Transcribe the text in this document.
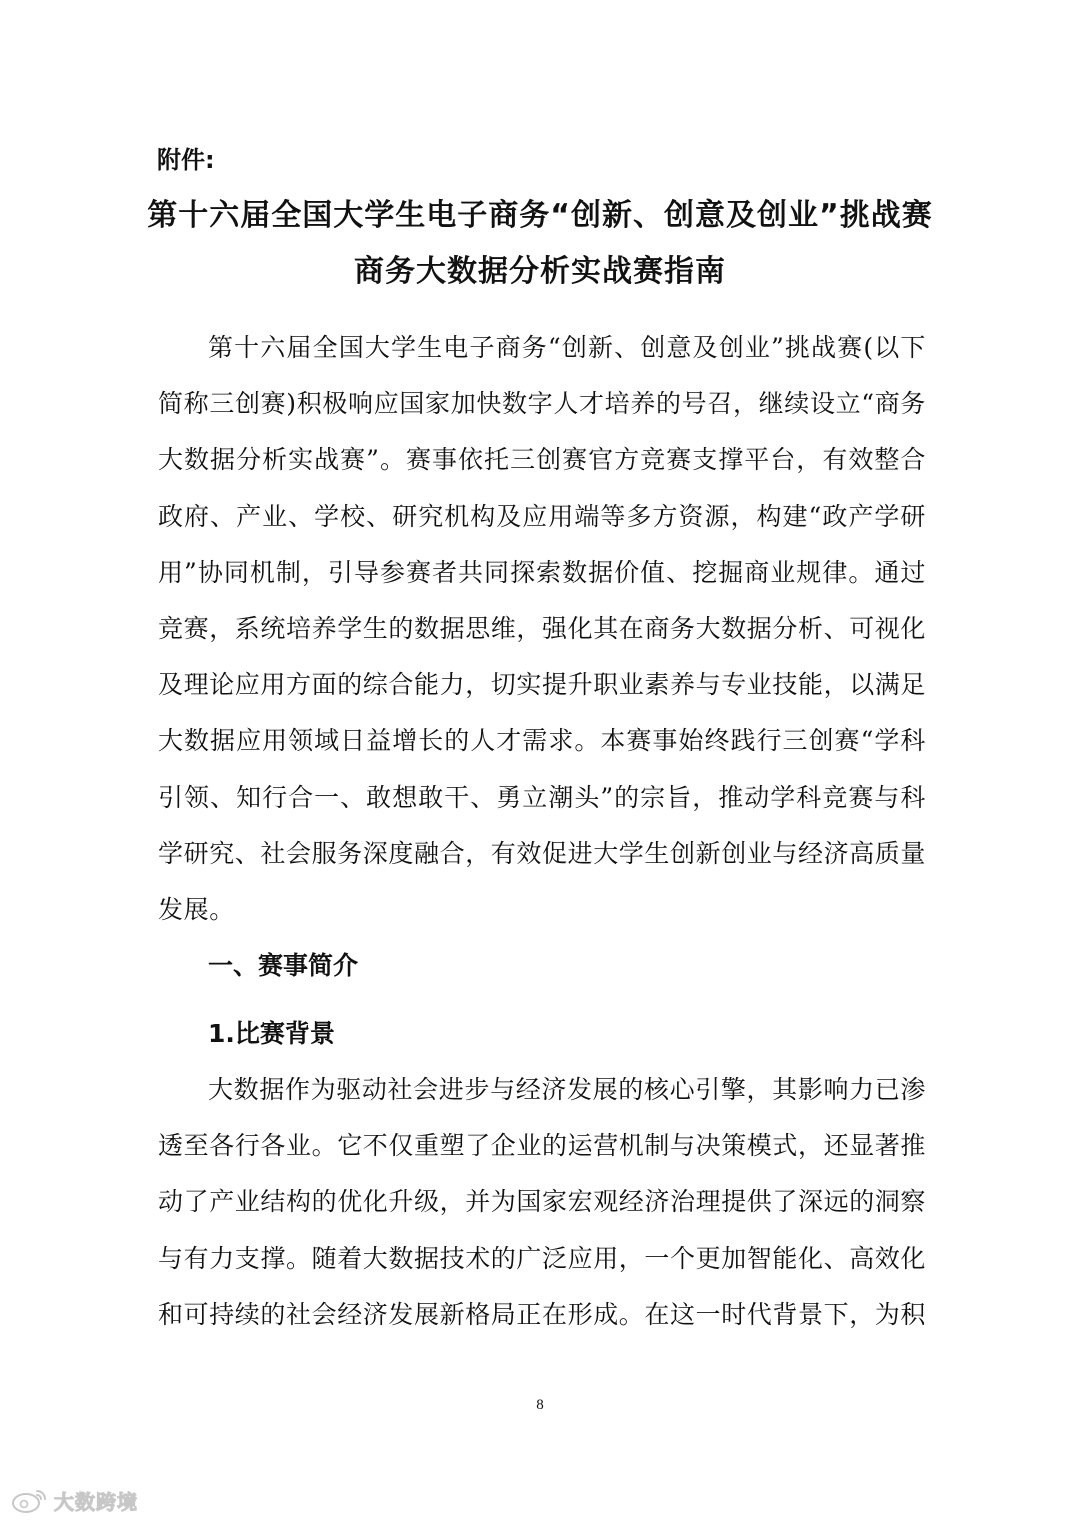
附件:
第十六届全国大学生电子商务“创新、创意及创业”挑战赛
商务大数据分析实战赛指南
第十六届全国大学生电子商务“创新、创意及创业”挑战赛(以下简称三创赛)积极响应国家加快数字人才培养的号召，继续设立“商务大数据分析实战赛”。赛事依托三创赛官方竞赛支撑平台，有效整合政府、产业、学校、研究机构及应用端等多方资源，构建“政产学研用”协同机制，引导参赛者共同探索数据价值、挖掘商业规律。通过竞赛，系统培养学生的数据思维，强化其在商务大数据分析、可视化及理论应用方面的综合能力，切实提升职业素养与专业技能，以满足大数据应用领域日益增长的人才需求。本赛事始终践行三创赛“学科引领、知行合一、敢想敢干、勇立潮头”的宗旨，推动学科竞赛与科学研究、社会服务深度融合，有效促进大学生创新创业与经济高质量发展。
一、赛事简介
1.比赛背景
大数据作为驱动社会进步与经济发展的核心引擎，其影响力已渗透至各行各业。它不仅重塑了企业的运营机制与决策模式，还显著推动了产业结构的优化升级，并为国家宏观经济治理提供了深远的洞察与有力支撑。随着大数据技术的广泛应用，一个更加智能化、高效化和可持续的社会经济发展新格局正在形成。在这一时代背景下，为积
8
大数跨境
